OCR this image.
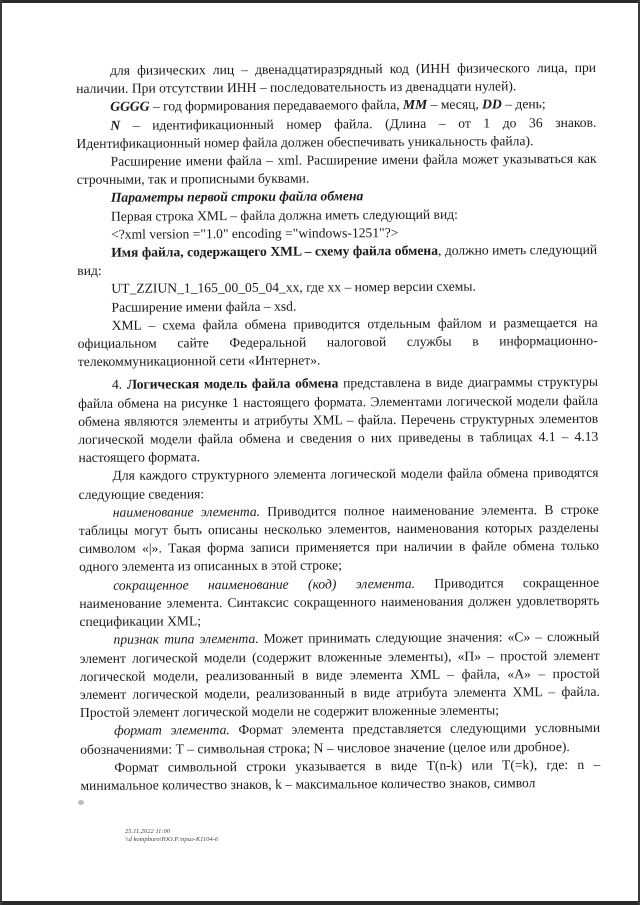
для физических лиц – двенадцатиразрядный код (ИНН физического лица, при наличии. При отсутствии ИНН – последовательность из двенадцати нулей).

GGGG – год формирования передаваемого файла, MM – месяц, DD – день;

N – идентификационный номер файла. (Длина – от 1 до 36 знаков. Идентификационный номер файла должен обеспечивать уникальность файла).

Расширение имени файла – xml. Расширение имени файла может указываться как строчными, так и прописными буквами.

Параметры первой строки файла обмена

Первая строка XML – файла должна иметь следующий вид:

<?xml version ="1.0" encoding ="windows-1251"?>

Имя файла, содержащего XML – схему файла обмена, должно иметь следующий вид:

UT_ZZIUN_1_165_00_05_04_xx, где хх – номер версии схемы.

Расширение имени файла – xsd.

XML – схема файла обмена приводится отдельным файлом и размещается на официальном сайте Федеральной налоговой службы в информационно-телекоммуникационной сети «Интернет».

4. Логическая модель файла обмена представлена в виде диаграммы структуры файла обмена на рисунке 1 настоящего формата. Элементами логической модели файла обмена являются элементы и атрибуты XML – файла. Перечень структурных элементов логической модели файла обмена и сведения о них приведены в таблицах 4.1 – 4.13 настоящего формата.

Для каждого структурного элемента логической модели файла обмена приводятся следующие сведения:

наименование элемента. Приводится полное наименование элемента. В строке таблицы могут быть описаны несколько элементов, наименования которых разделены символом «|». Такая форма записи применяется при наличии в файле обмена только одного элемента из описанных в этой строке;

сокращенное наименование (код) элемента. Приводится сокращенное наименование элемента. Синтаксис сокращенного наименования должен удовлетворять спецификации XML;

признак типа элемента. Может принимать следующие значения: «С» – сложный элемент логической модели (содержит вложенные элементы), «П» – простой элемент логической модели, реализованный в виде элемента XML – файла, «А» – простой элемент логической модели, реализованный в виде атрибута элемента XML – файла. Простой элемент логической модели не содержит вложенные элементы;

формат элемента. Формат элемента представляется следующими условными обозначениями: Т – символьная строка; N – числовое значение (целое или дробное).

Формат символьной строки указывается в виде T(n-k) или T(=k), где: n – минимальное количество знаков, k – максимальное количество знаков, символ

25.11.2022 11:00
\\d kompburo\ЮО.Р.\прил-К1104-6
